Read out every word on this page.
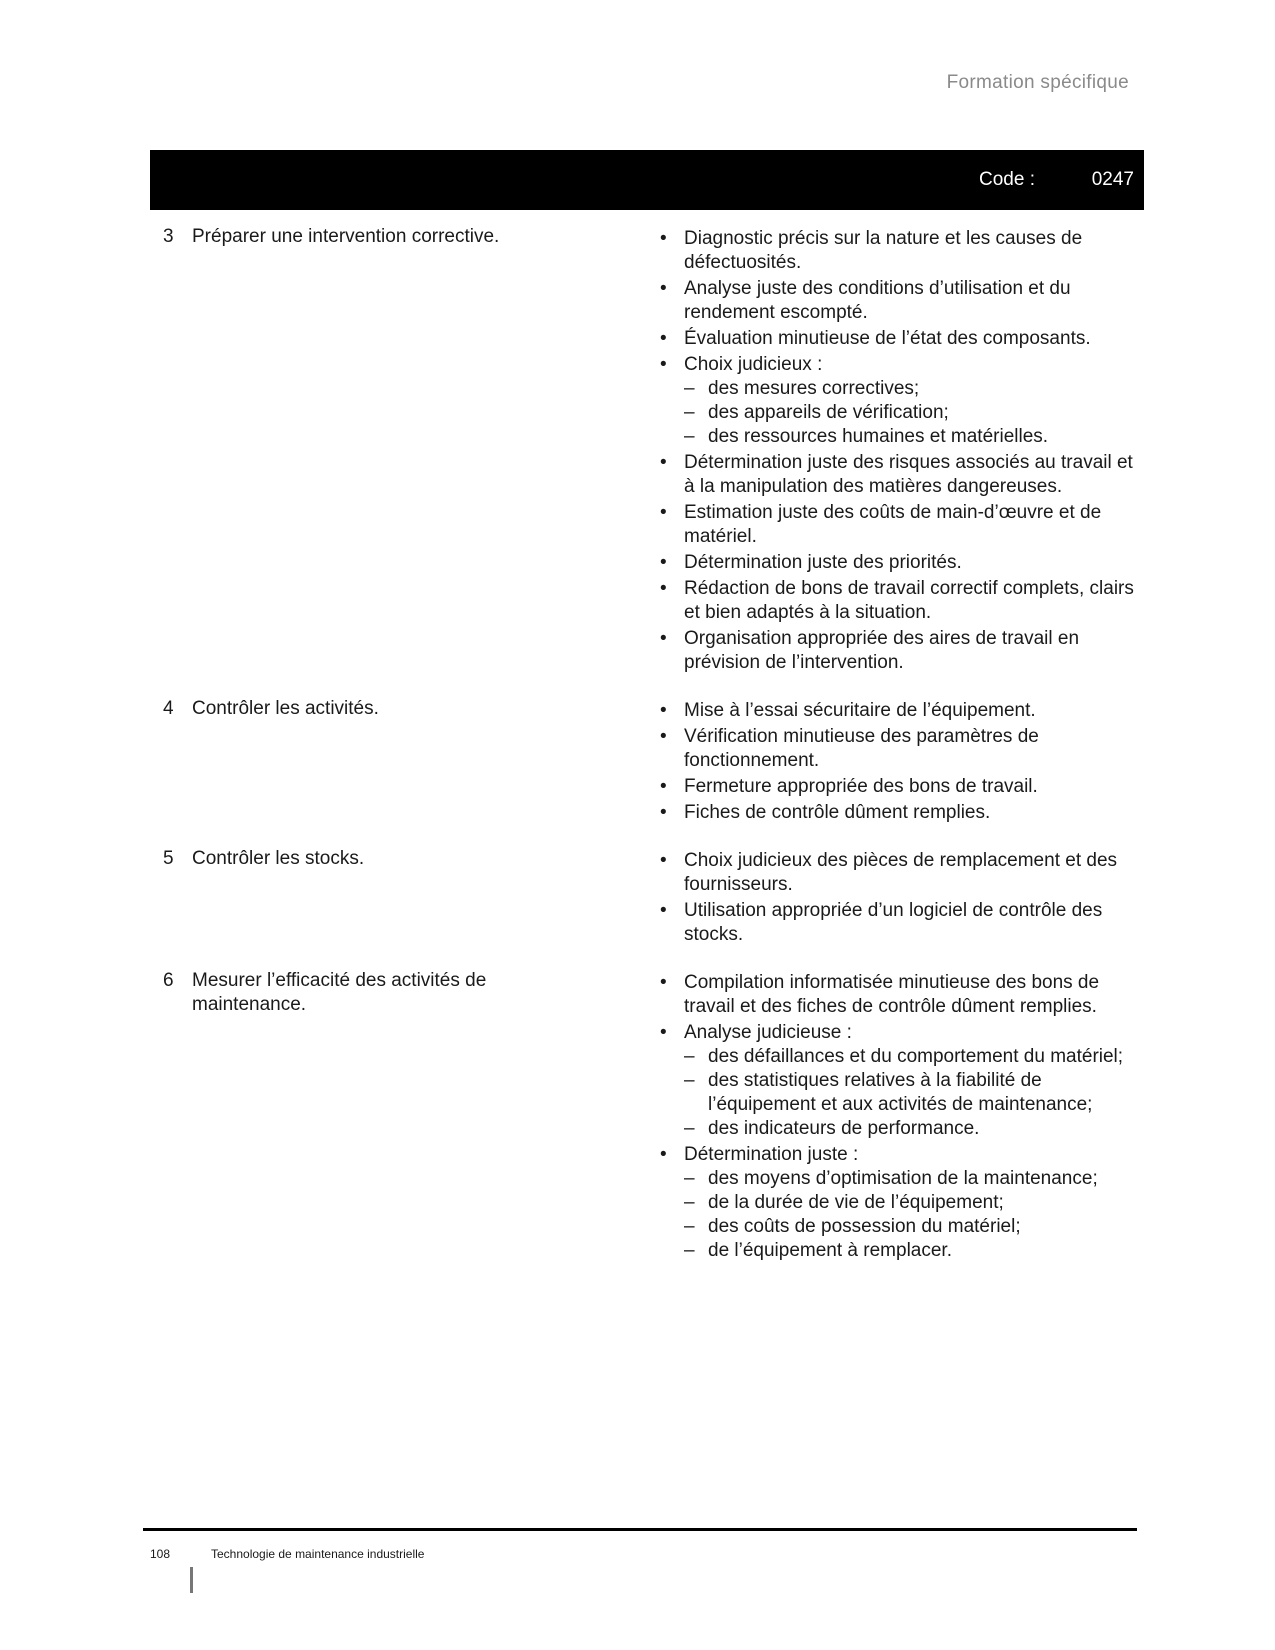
Formation spécifique
Code :	0247
3 Préparer une intervention corrective.	• Diagnostic précis sur la nature et les causes de défectuosités.
• Analyse juste des conditions d’utilisation et du rendement escompté.
• Évaluation minutieuse de l’état des composants.
• Choix judicieux :
– des mesures correctives;
– des appareils de vérification;
– des ressources humaines et matérielles.
• Détermination juste des risques associés au travail et à la manipulation des matières dangereuses.
• Estimation juste des coûts de main-d’œuvre et de matériel.
• Détermination juste des priorités.
• Rédaction de bons de travail correctif complets, clairs et bien adaptés à la situation.
• Organisation appropriée des aires de travail en prévision de l’intervention.
4 Contrôler les activités.	• Mise à l’essai sécuritaire de l’équipement.
• Vérification minutieuse des paramètres de fonctionnement.
• Fermeture appropriée des bons de travail.
• Fiches de contrôle dûment remplies.
5 Contrôler les stocks.	• Choix judicieux des pièces de remplacement et des fournisseurs.
• Utilisation appropriée d’un logiciel de contrôle des stocks.
6 Mesurer l’efficacité des activités de maintenance.
• Compilation informatisée minutieuse des bons de travail et des fiches de contrôle dûment remplies.
• Analyse judicieuse :
– des défaillances et du comportement du matériel;
– des statistiques relatives à la fiabilité de l’équipement et aux activités de maintenance;
– des indicateurs de performance.
• Détermination juste :
– des moyens d’optimisation de la maintenance;
– de la durée de vie de l’équipement;
– des coûts de possession du matériel;
– de l’équipement à remplacer.
108	Technologie de maintenance industrielle
